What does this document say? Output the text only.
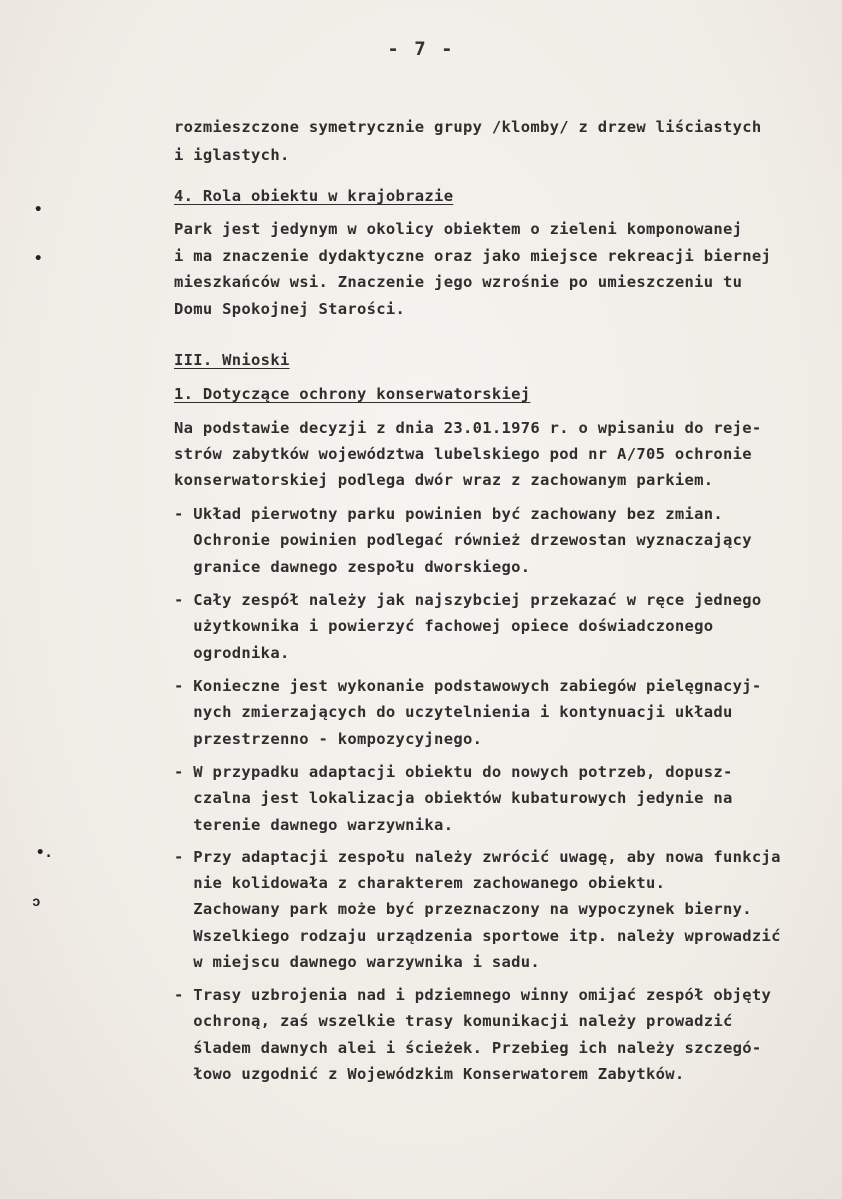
- 7 -
•
•
•.
ↄ
rozmieszczone symetrycznie grupy /klomby/ z drzew liściastych
i iglastych.
4. Rola obiektu w krajobrazie
Park jest jedynym w okolicy obiektem o zieleni komponowanej
i ma znaczenie dydaktyczne oraz jako miejsce rekreacji biernej
mieszkańców wsi. Znaczenie jego wzrośnie po umieszczeniu tu
Domu Spokojnej Starości.
III. Wnioski
1. Dotyczące ochrony konserwatorskiej
Na podstawie decyzji z dnia 23.01.1976 r. o wpisaniu do reje-
strów zabytków województwa lubelskiego pod nr A/705 ochronie
konserwatorskiej podlega dwór wraz z zachowanym parkiem.
- Układ pierwotny parku powinien być zachowany bez zmian.
Ochronie powinien podlegać również drzewostan wyznaczający
granice dawnego zespołu dworskiego.
- Cały zespół należy jak najszybciej przekazać w ręce jednego
użytkownika i powierzyć fachowej opiece doświadczonego
ogrodnika.
- Konieczne jest wykonanie podstawowych zabiegów pielęgnacyj-
nych zmierzających do uczytelnienia i kontynuacji układu
przestrzenno - kompozycyjnego.
- W przypadku adaptacji obiektu do nowych potrzeb, dopusz-
czalna jest lokalizacja obiektów kubaturowych jedynie na
terenie dawnego warzywnika.
- Przy adaptacji zespołu należy zwrócić uwagę, aby nowa funkcja
nie kolidowała z charakterem zachowanego obiektu.
Zachowany park może być przeznaczony na wypoczynek bierny.
Wszelkiego rodzaju urządzenia sportowe itp. należy wprowadzić
w miejscu dawnego warzywnika i sadu.
- Trasy uzbrojenia nad i pdziemnego winny omijać zespół objęty
ochroną, zaś wszelkie trasy komunikacji należy prowadzić
śladem dawnych alei i ścieżek. Przebieg ich należy szczegó-
łowo uzgodnić z Wojewódzkim Konserwatorem Zabytków.
